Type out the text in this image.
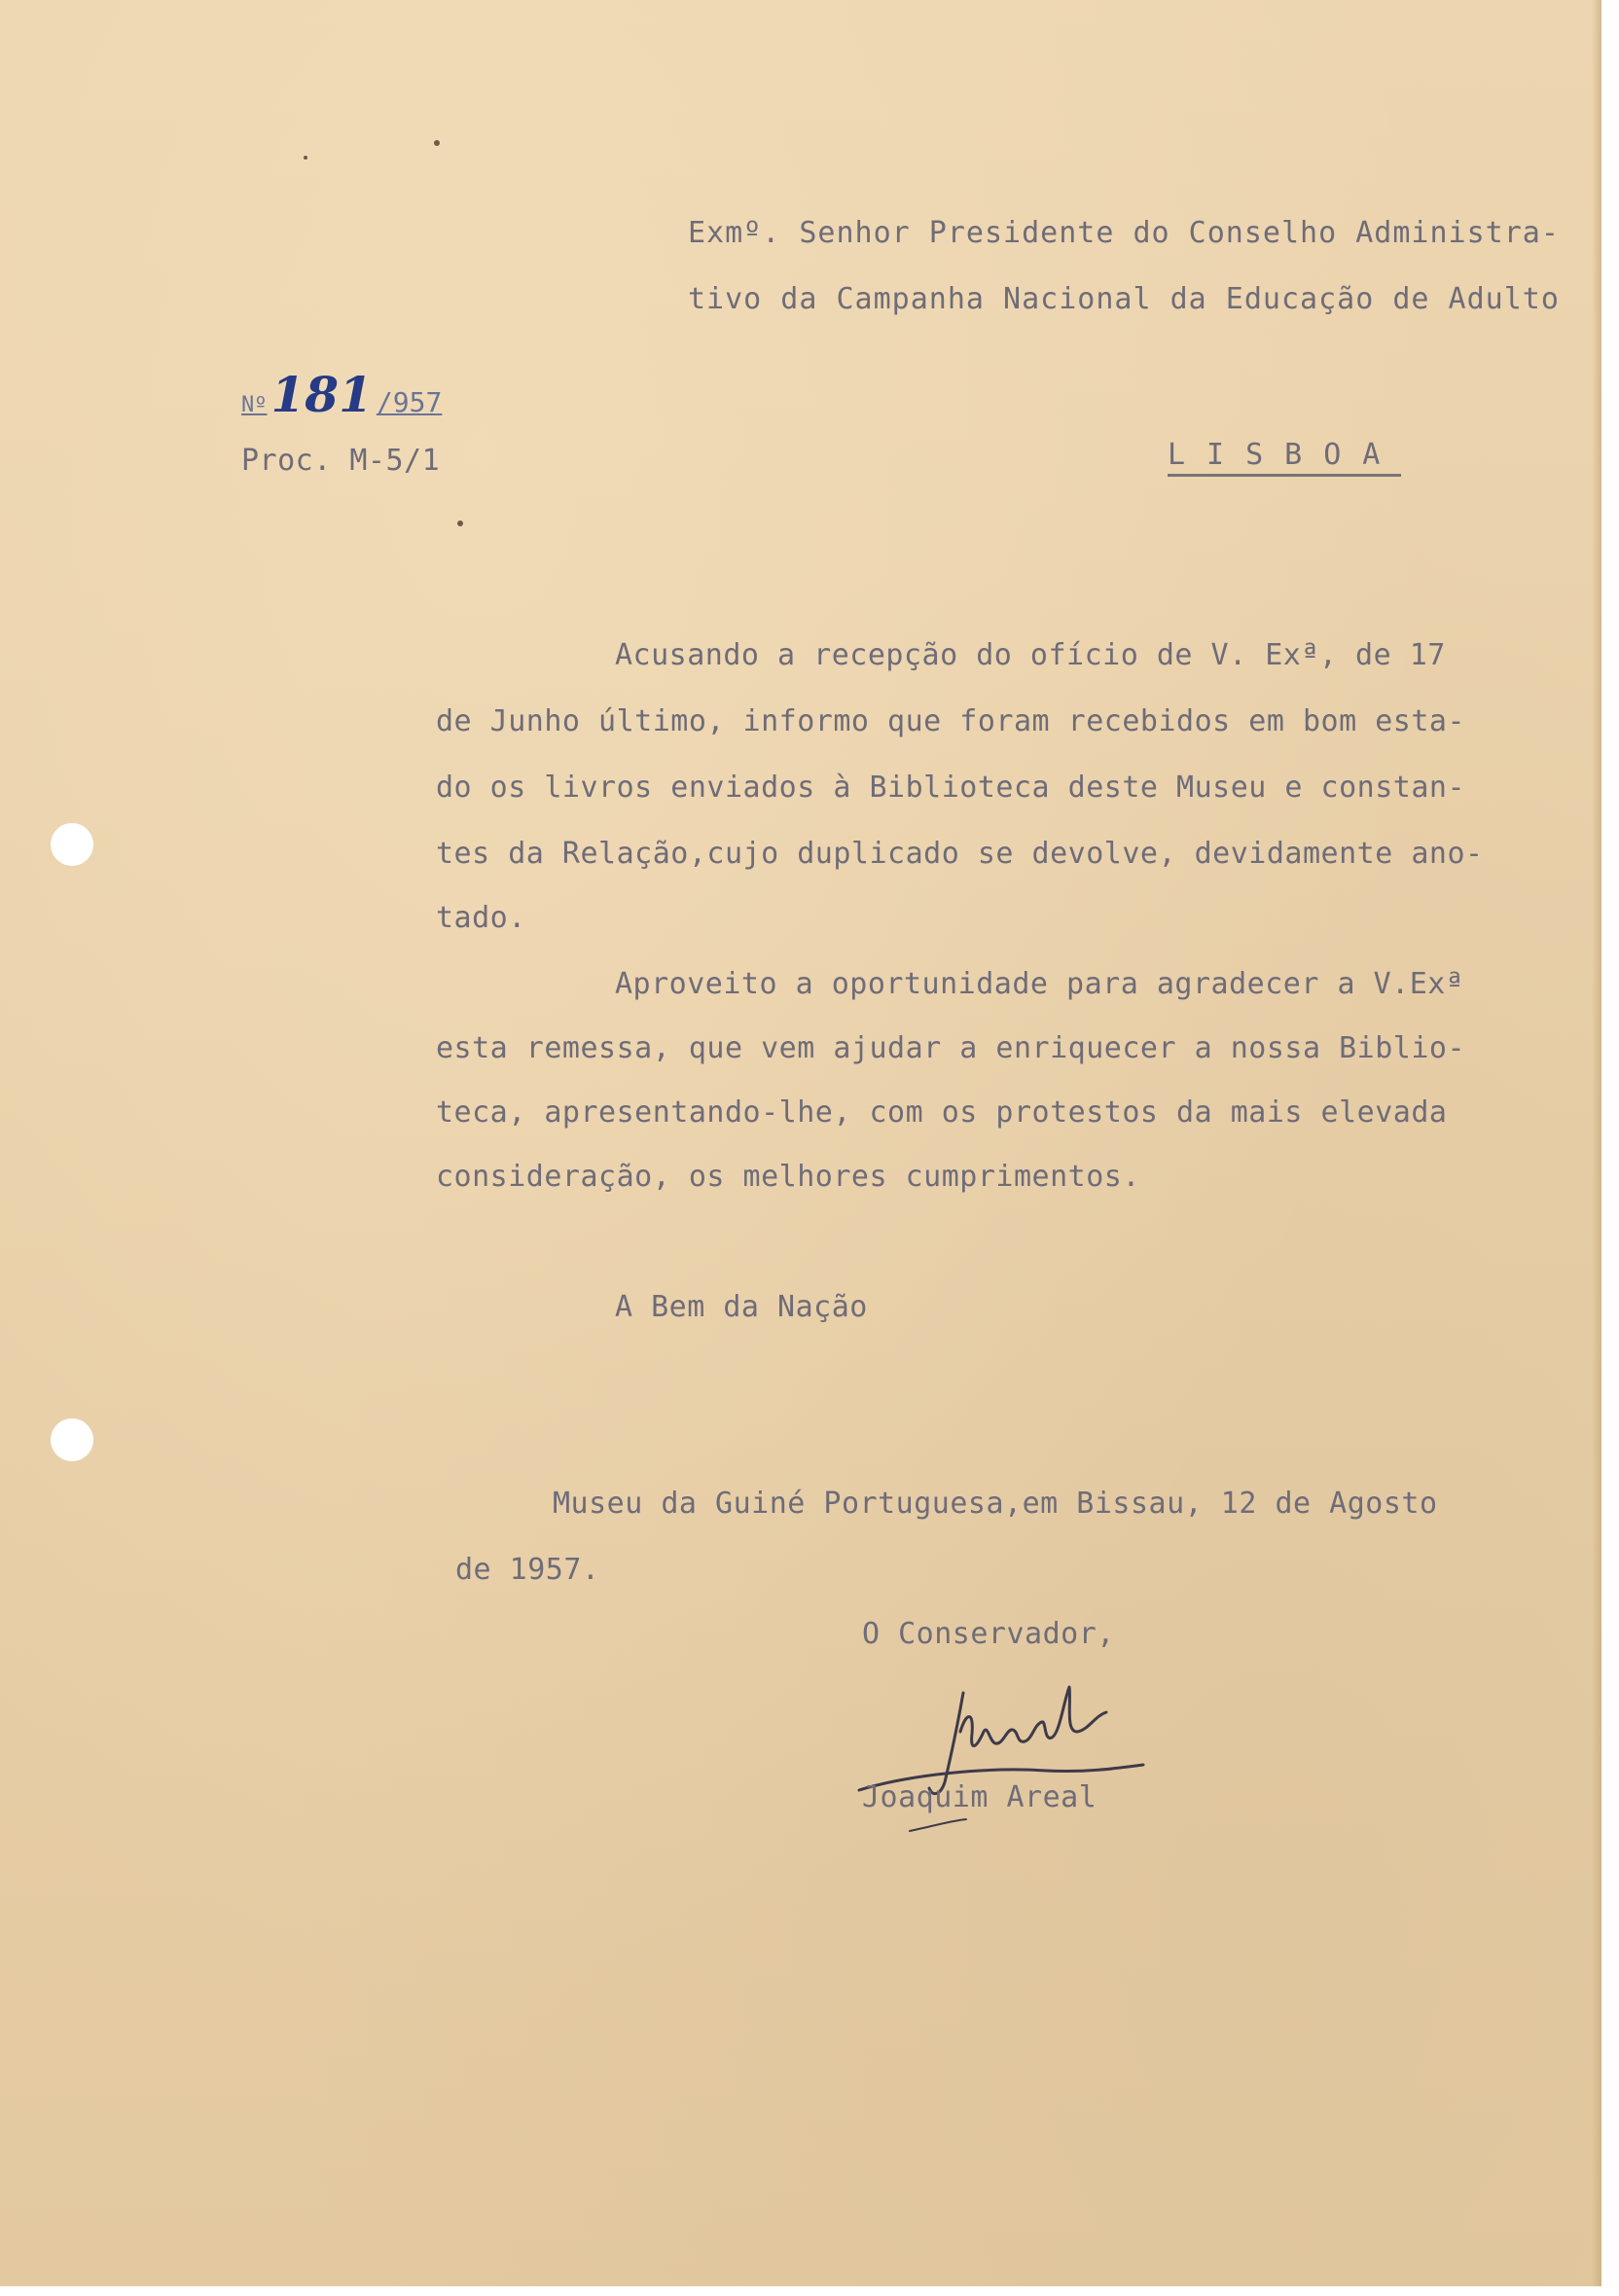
Exmº. Senhor Presidente do Conselho Administra-
tivo da Campanha Nacional da Educação de Adulto
Nº181 /957
Proc. M-5/1	LISBOA
Acusando a recepção do ofício de V. Exª, de 17
de Junho último, informo que foram recebidos em bom esta-
do os livros enviados à Biblioteca deste Museu e constan-
tes da Relação,cujo duplicado se devolve, devidamente ano-
tado.
Aproveito a oportunidade para agradecer a V.Exª
esta remessa, que vem ajudar a enriquecer a nossa Biblio-
teca, apresentando-lhe, com os protestos da mais elevada
consideração, os melhores cumprimentos.
A Bem da Nação
Museu da Guiné Portuguesa,em Bissau, 12 de Agosto
de 1957.
O Conservador,
Joaquim Areal
